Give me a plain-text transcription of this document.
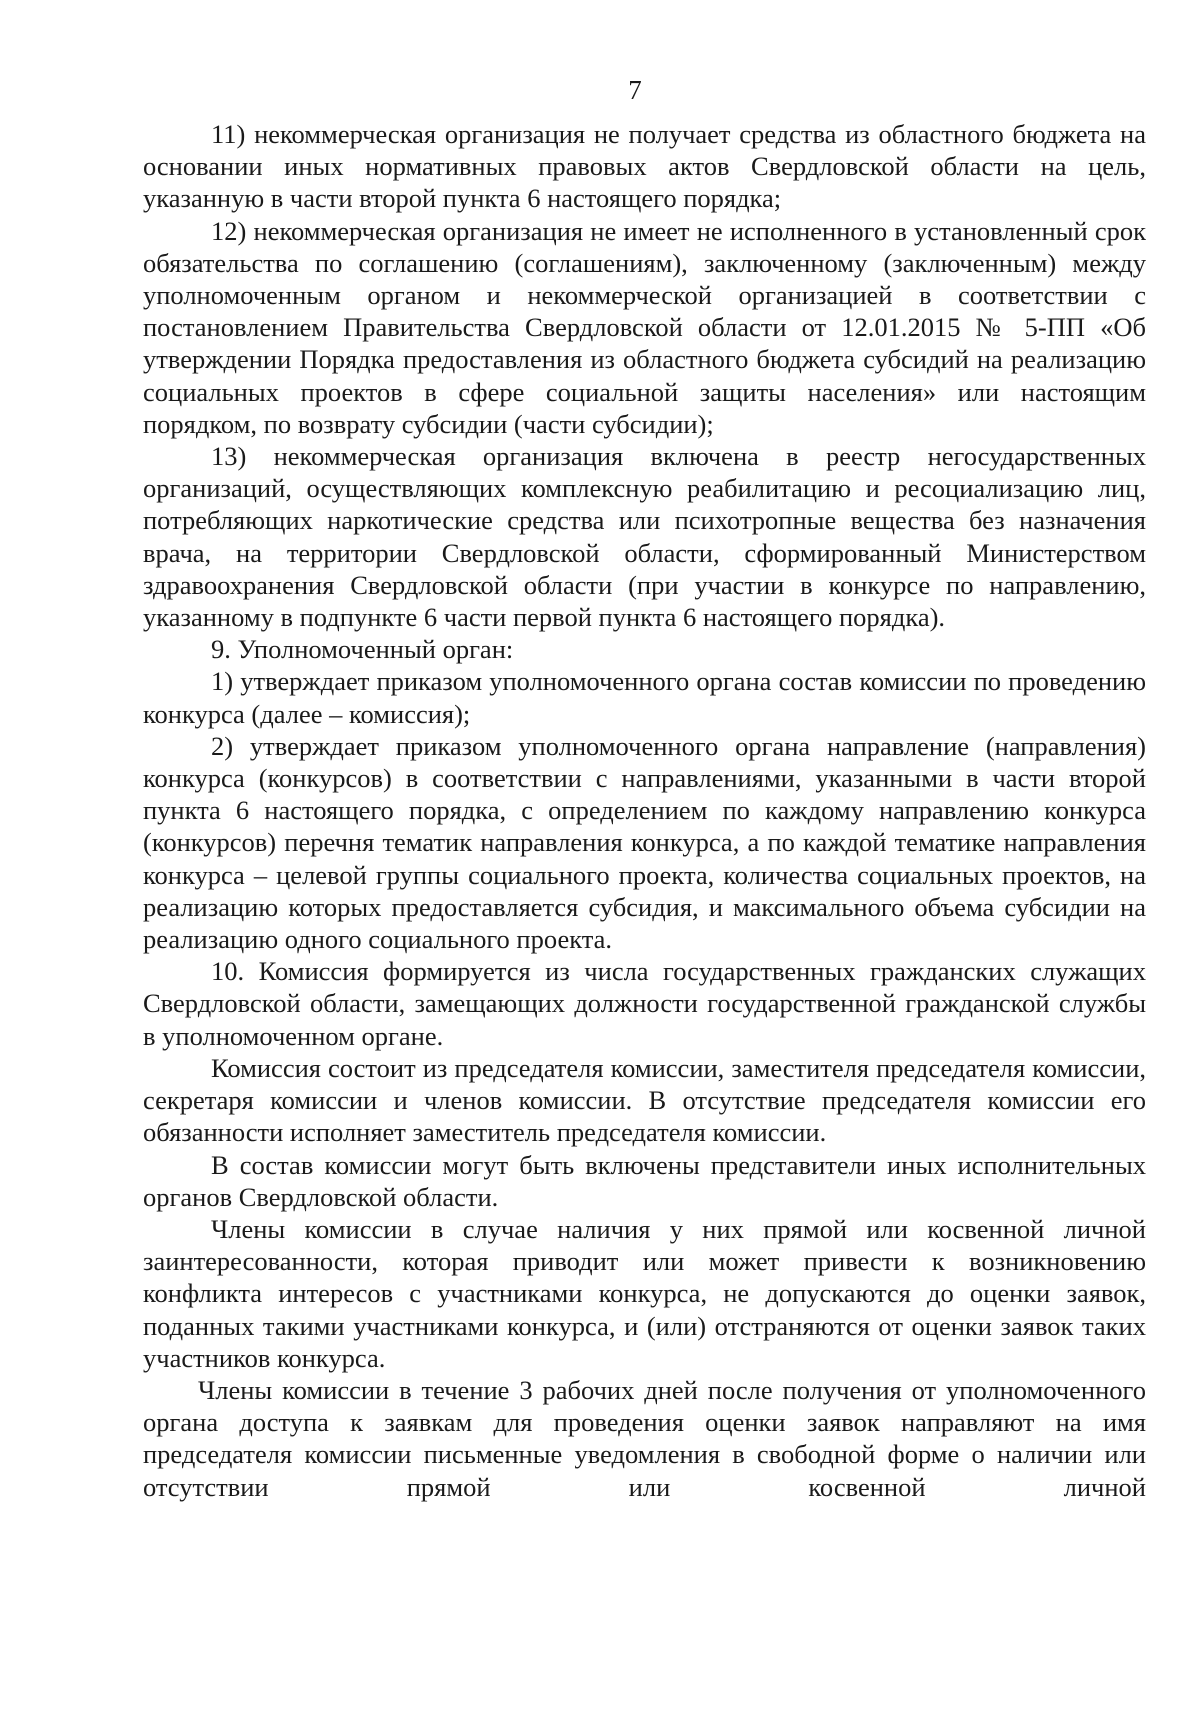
7

11) некоммерческая организация не получает средства из областного бюджета на основании иных нормативных правовых актов Свердловской области на цель, указанную в части второй пункта 6 настоящего порядка;

12) некоммерческая организация не имеет не исполненного в установленный срок обязательства по соглашению (соглашениям), заключенному (заключенным) между уполномоченным органом и некоммерческой организацией в соответствии с постановлением Правительства Свердловской области от 12.01.2015 № 5-ПП «Об утверждении Порядка предоставления из областного бюджета субсидий на реализацию социальных проектов в сфере социальной защиты населения» или настоящим порядком, по возврату субсидии (части субсидии);

13) некоммерческая организация включена в реестр негосударственных организаций, осуществляющих комплексную реабилитацию и ресоциализацию лиц, потребляющих наркотические средства или психотропные вещества без назначения врача, на территории Свердловской области, сформированный Министерством здравоохранения Свердловской области (при участии в конкурсе по направлению, указанному в подпункте 6 части первой пункта 6 настоящего порядка).

9. Уполномоченный орган:

1) утверждает приказом уполномоченного органа состав комиссии по проведению конкурса (далее – комиссия);

2) утверждает приказом уполномоченного органа направление (направления) конкурса (конкурсов) в соответствии с направлениями, указанными в части второй пункта 6 настоящего порядка, с определением по каждому направлению конкурса (конкурсов) перечня тематик направления конкурса, а по каждой тематике направления конкурса – целевой группы социального проекта, количества социальных проектов, на реализацию которых предоставляется субсидия, и максимального объема субсидии на реализацию одного социального проекта.

10. Комиссия формируется из числа государственных гражданских служащих Свердловской области, замещающих должности государственной гражданской службы в уполномоченном органе.

Комиссия состоит из председателя комиссии, заместителя председателя комиссии, секретаря комиссии и членов комиссии. В отсутствие председателя комиссии его обязанности исполняет заместитель председателя комиссии.

В состав комиссии могут быть включены представители иных исполнительных органов Свердловской области.

Члены комиссии в случае наличия у них прямой или косвенной личной заинтересованности, которая приводит или может привести к возникновению конфликта интересов с участниками конкурса, не допускаются до оценки заявок, поданных такими участниками конкурса, и (или) отстраняются от оценки заявок таких участников конкурса.

Члены комиссии в течение 3 рабочих дней после получения от уполномоченного органа доступа к заявкам для проведения оценки заявок направляют на имя председателя комиссии письменные уведомления в свободной форме о наличии или отсутствии прямой или косвенной личной
